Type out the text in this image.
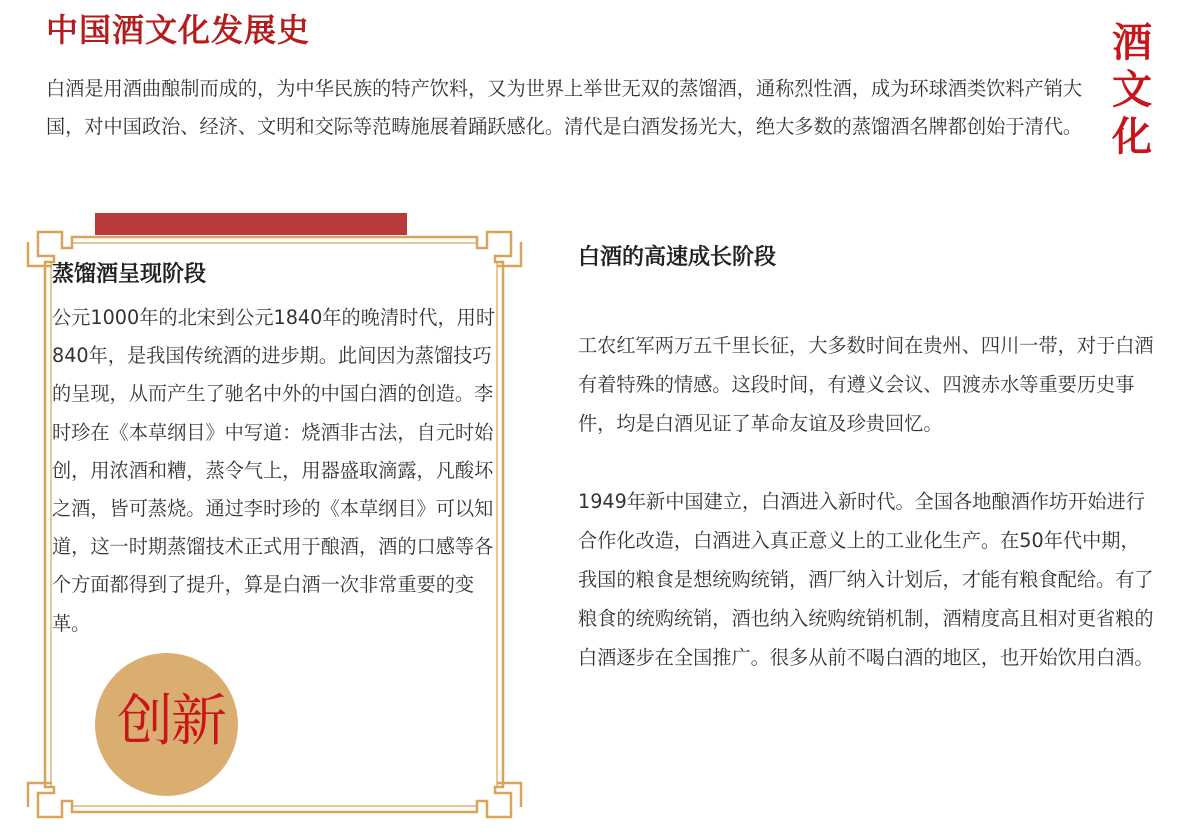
中国酒文化发展史	酒
文
化

白酒是用酒曲酿制而成的，为中华民族的特产饮料，又为世界上举世无双的蒸馏酒，通称烈性酒，成为环球酒类饮料产销大国，对中国政治、经济、文明和交际等范畴施展着踊跃感化。清代是白酒发扬光大，绝大多数的蒸馏酒名牌都创始于清代。

蒸馏酒呈现阶段

公元1000年的北宋到公元1840年的晚清时代，用时840年，是我国传统酒的进步期。此间因为蒸馏技巧的呈现，从而产生了驰名中外的中国白酒的创造。李时珍在《本草纲目》中写道：烧酒非古法，自元时始创，用浓酒和糟，蒸令气上，用器盛取滴露，凡酸坏之酒，皆可蒸烧。通过李时珍的《本草纲目》可以知道，这一时期蒸馏技术正式用于酿酒，酒的口感等各个方面都得到了提升，算是白酒一次非常重要的变革。

创新
白酒的高速成长阶段

工农红军两万五千里长征，大多数时间在贵州、四川一带，对于白酒有着特殊的情感。这段时间，有遵义会议、四渡赤水等重要历史事件，均是白酒见证了革命友谊及珍贵回忆。

1949年新中国建立，白酒进入新时代。全国各地酿酒作坊开始进行合作化改造，白酒进入真正意义上的工业化生产。在50年代中期，我国的粮食是想统购统销，酒厂纳入计划后，才能有粮食配给。有了粮食的统购统销，酒也纳入统购统销机制，酒精度高且相对更省粮的白酒逐步在全国推广。很多从前不喝白酒的地区，也开始饮用白酒。
